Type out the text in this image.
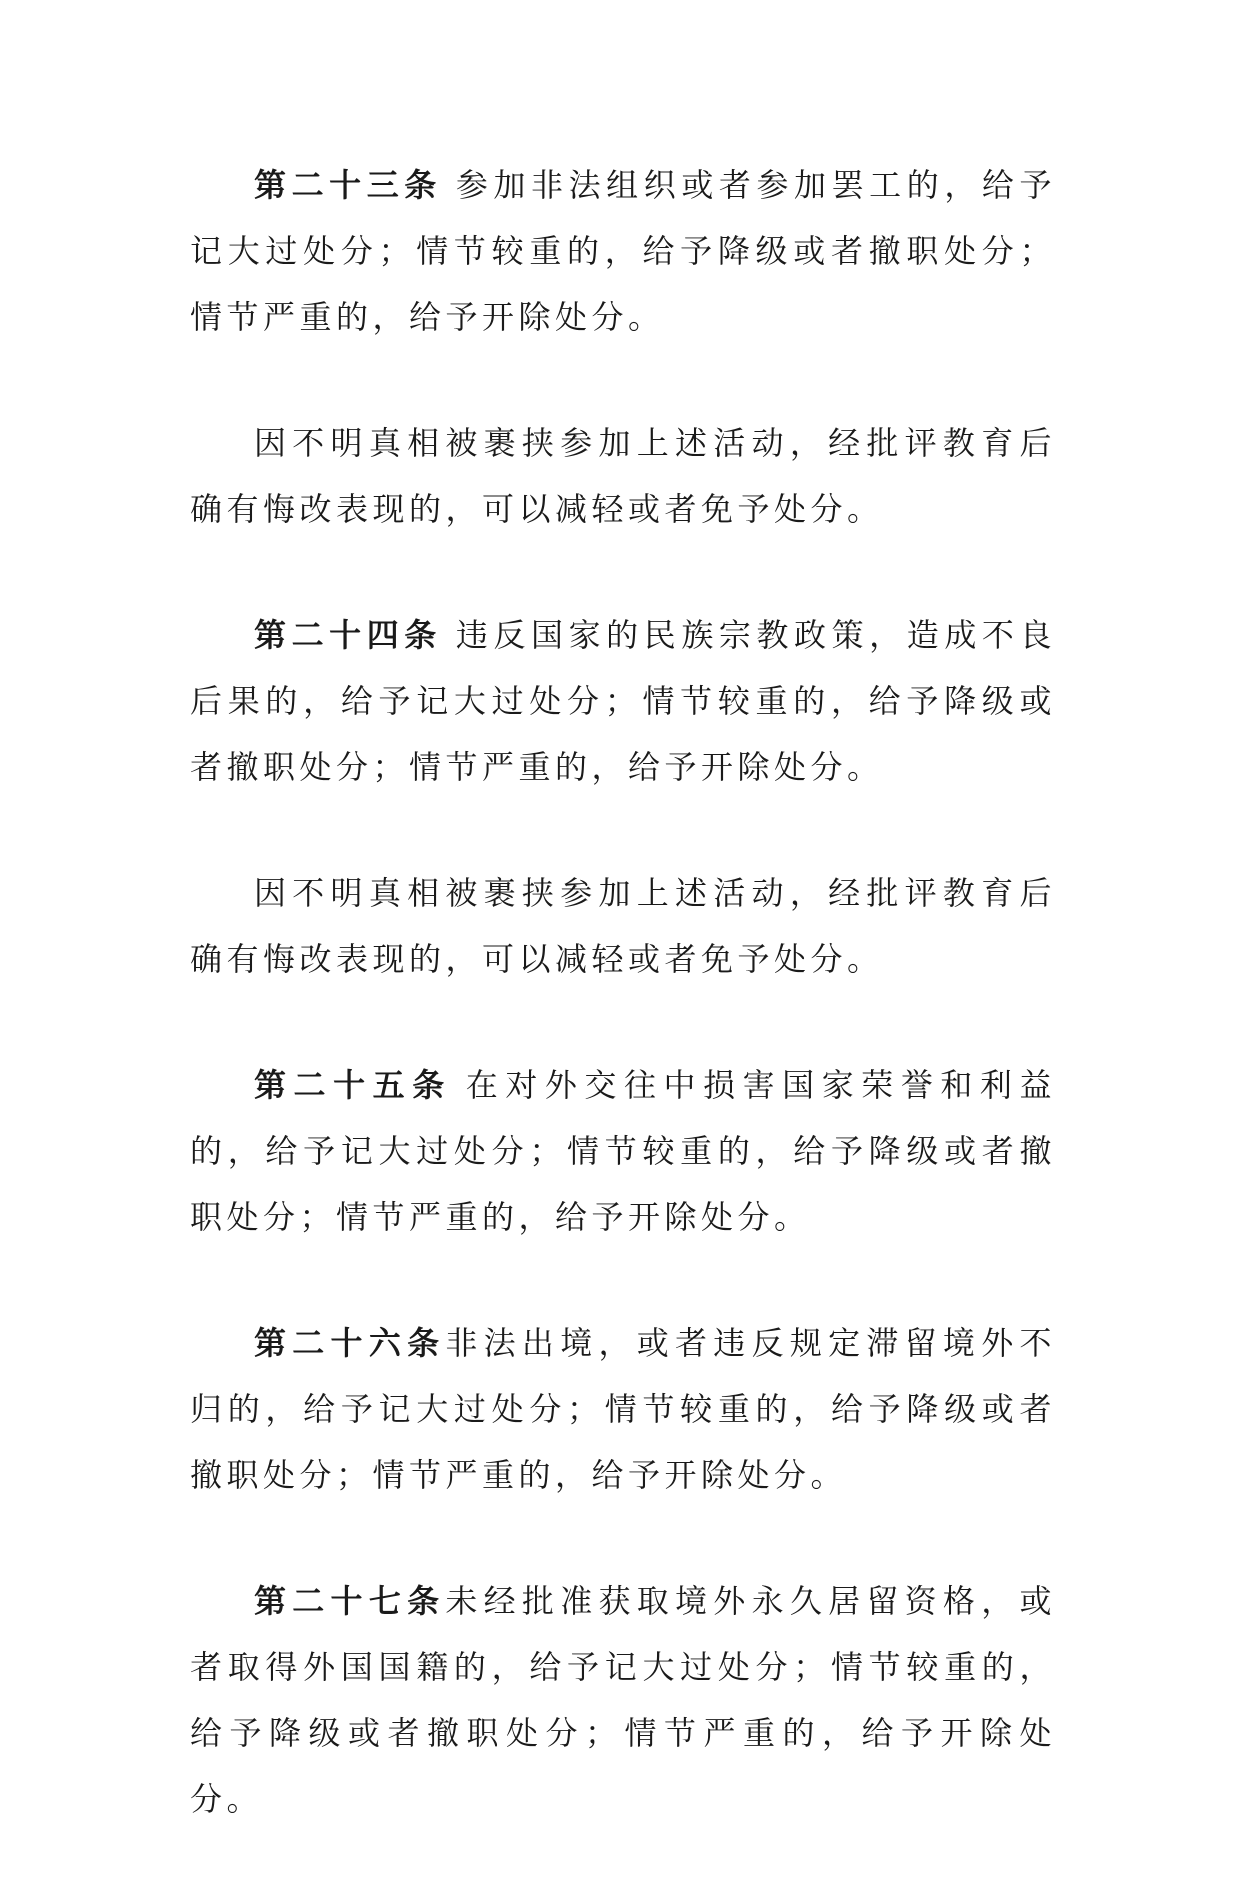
第二十三条 参加非法组织或者参加罢工的，给予记大过处分；情节较重的，给予降级或者撤职处分；情节严重的，给予开除处分。

因不明真相被裹挟参加上述活动，经批评教育后确有悔改表现的，可以减轻或者免予处分。

第二十四条 违反国家的民族宗教政策，造成不良后果的，给予记大过处分；情节较重的，给予降级或者撤职处分；情节严重的，给予开除处分。

因不明真相被裹挟参加上述活动，经批评教育后确有悔改表现的，可以减轻或者免予处分。

第二十五条 在对外交往中损害国家荣誉和利益的，给予记大过处分；情节较重的，给予降级或者撤职处分；情节严重的，给予开除处分。

第二十六条非法出境，或者违反规定滞留境外不归的，给予记大过处分；情节较重的，给予降级或者撤职处分；情节严重的，给予开除处分。

第二十七条未经批准获取境外永久居留资格，或者取得外国国籍的，给予记大过处分；情节较重的，给予降级或者撤职处分；情节严重的，给予开除处分。
